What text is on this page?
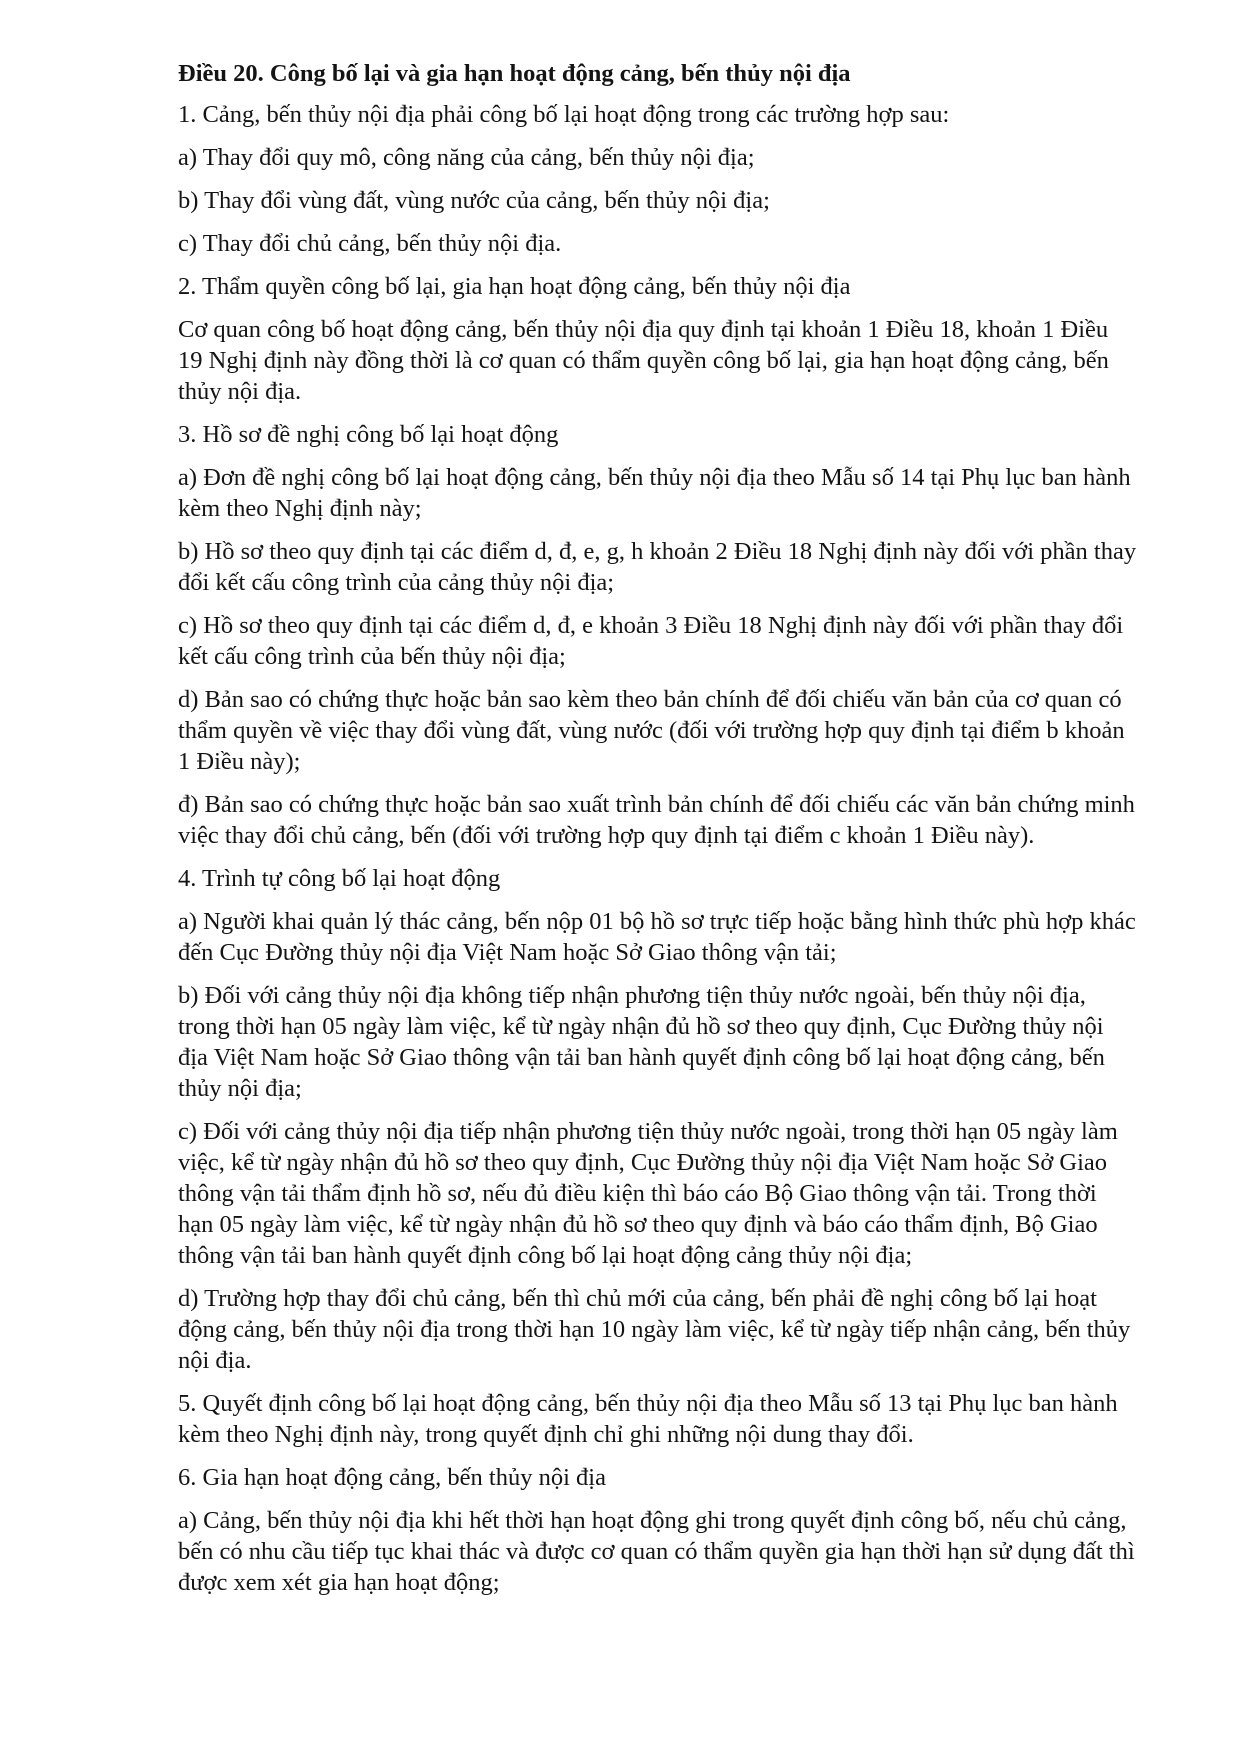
Điều 20. Công bố lại và gia hạn hoạt động cảng, bến thủy nội địa

1. Cảng, bến thủy nội địa phải công bố lại hoạt động trong các trường hợp sau:

a) Thay đổi quy mô, công năng của cảng, bến thủy nội địa;

b) Thay đổi vùng đất, vùng nước của cảng, bến thủy nội địa;

c) Thay đổi chủ cảng, bến thủy nội địa.

2. Thẩm quyền công bố lại, gia hạn hoạt động cảng, bến thủy nội địa

Cơ quan công bố hoạt động cảng, bến thủy nội địa quy định tại khoản 1 Điều 18, khoản 1 Điều 19 Nghị định này đồng thời là cơ quan có thẩm quyền công bố lại, gia hạn hoạt động cảng, bến thủy nội địa.

3. Hồ sơ đề nghị công bố lại hoạt động

a) Đơn đề nghị công bố lại hoạt động cảng, bến thủy nội địa theo Mẫu số 14 tại Phụ lục ban hành kèm theo Nghị định này;

b) Hồ sơ theo quy định tại các điểm d, đ, e, g, h khoản 2 Điều 18 Nghị định này đối với phần thay đổi kết cấu công trình của cảng thủy nội địa;

c) Hồ sơ theo quy định tại các điểm d, đ, e khoản 3 Điều 18 Nghị định này đối với phần thay đổi kết cấu công trình của bến thủy nội địa;

d) Bản sao có chứng thực hoặc bản sao kèm theo bản chính để đối chiếu văn bản của cơ quan có thẩm quyền về việc thay đổi vùng đất, vùng nước (đối với trường hợp quy định tại điểm b khoản 1 Điều này);

đ) Bản sao có chứng thực hoặc bản sao xuất trình bản chính để đối chiếu các văn bản chứng minh việc thay đổi chủ cảng, bến (đối với trường hợp quy định tại điểm c khoản 1 Điều này).

4. Trình tự công bố lại hoạt động

a) Người khai quản lý thác cảng, bến nộp 01 bộ hồ sơ trực tiếp hoặc bằng hình thức phù hợp khác đến Cục Đường thủy nội địa Việt Nam hoặc Sở Giao thông vận tải;

b) Đối với cảng thủy nội địa không tiếp nhận phương tiện thủy nước ngoài, bến thủy nội địa, trong thời hạn 05 ngày làm việc, kể từ ngày nhận đủ hồ sơ theo quy định, Cục Đường thủy nội địa Việt Nam hoặc Sở Giao thông vận tải ban hành quyết định công bố lại hoạt động cảng, bến thủy nội địa;

c) Đối với cảng thủy nội địa tiếp nhận phương tiện thủy nước ngoài, trong thời hạn 05 ngày làm việc, kể từ ngày nhận đủ hồ sơ theo quy định, Cục Đường thủy nội địa Việt Nam hoặc Sở Giao thông vận tải thẩm định hồ sơ, nếu đủ điều kiện thì báo cáo Bộ Giao thông vận tải. Trong thời hạn 05 ngày làm việc, kể từ ngày nhận đủ hồ sơ theo quy định và báo cáo thẩm định, Bộ Giao thông vận tải ban hành quyết định công bố lại hoạt động cảng thủy nội địa;

d) Trường hợp thay đổi chủ cảng, bến thì chủ mới của cảng, bến phải đề nghị công bố lại hoạt động cảng, bến thủy nội địa trong thời hạn 10 ngày làm việc, kể từ ngày tiếp nhận cảng, bến thủy nội địa.

5. Quyết định công bố lại hoạt động cảng, bến thủy nội địa theo Mẫu số 13 tại Phụ lục ban hành kèm theo Nghị định này, trong quyết định chỉ ghi những nội dung thay đổi.

6. Gia hạn hoạt động cảng, bến thủy nội địa

a) Cảng, bến thủy nội địa khi hết thời hạn hoạt động ghi trong quyết định công bố, nếu chủ cảng, bến có nhu cầu tiếp tục khai thác và được cơ quan có thẩm quyền gia hạn thời hạn sử dụng đất thì được xem xét gia hạn hoạt động;
